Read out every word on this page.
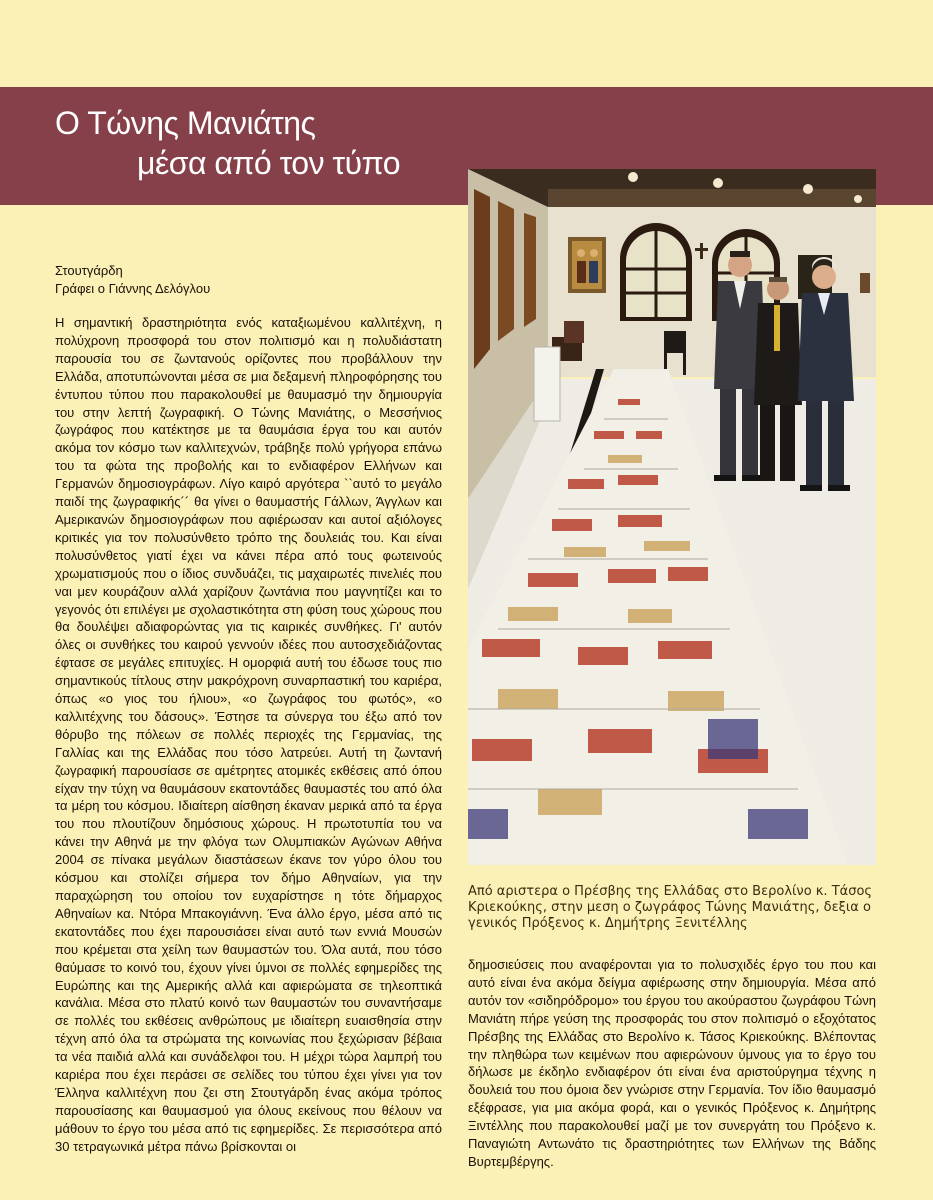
Ο Τώνης Μανιάτης
μέσα από τον τύπο
Στουτγάρδη
Γράφει ο Γιάννης Δελόγλου

Η σημαντική δραστηριότητα ενός καταξιωμένου καλλιτέχνη, η πολύχρονη προσφορά του στον πολιτισμό και η πολυδιάστατη παρουσία του σε ζωντανούς ορίζοντες που προβάλλουν την Ελλάδα, αποτυπώνονται μέσα σε μια δεξαμενή πληροφόρησης του έντυπου τύπου που παρακολουθεί με θαυμασμό την δημιουργία του στην λεπτή ζωγραφική. Ο Τώνης Μανιάτης, ο Μεσσήνιος ζωγράφος που κατέκτησε με τα θαυμάσια έργα του και αυτόν ακόμα τον κόσμο των καλλιτεχνών, τράβηξε πολύ γρήγορα επάνω του τα φώτα της προβολής και το ενδιαφέρον Ελλήνων και Γερμανών δημοσιογράφων. Λίγο καιρό αργότερα ``αυτό το μεγάλο παιδί της ζωγραφικής´´ θα γίνει ο θαυμαστής Γάλλων, Άγγλων και Αμερικανών δημοσιογράφων που αφιέρωσαν και αυτοί αξιόλογες κριτικές για τον πολυσύνθετο τρόπο της δουλειάς του. Και είναι πολυσύνθετος γιατί έχει να κάνει πέρα από τους φωτεινούς χρωματισμούς που ο ίδιος συνδυάζει, τις μαχαιρωτές πινελιές που ναι μεν κουράζουν αλλά χαρίζουν ζωντάνια που μαγνητίζει και το γεγονός ότι επιλέγει με σχολαστικότητα στη φύση τους χώρους που θα δουλέψει αδιαφορώντας για τις καιρικές συνθήκες. Γι' αυτόν όλες οι συνθήκες του καιρού γεννούν ιδέες που αυτοσχεδιάζοντας έφτασε σε μεγάλες επιτυχίες. Η ομορφιά αυτή του έδωσε τους πιο σημαντικούς τίτλους στην μακρόχρονη συναρπαστική του καριέρα, όπως «ο γιος του ήλιου», «ο ζωγράφος του φωτός», «ο καλλιτέχνης του δάσους». Έστησε τα σύνεργα του έξω από τον θόρυβο της πόλεων σε πολλές περιοχές της Γερμανίας, της Γαλλίας και της Ελλάδας που τόσο λατρεύει. Αυτή τη ζωντανή ζωγραφική παρουσίασε σε αμέτρητες ατομικές εκθέσεις από όπου είχαν την τύχη να θαυμάσουν εκατοντάδες θαυμαστές του από όλα τα μέρη του κόσμου. Ιδιαίτερη αίσθηση έκαναν μερικά από τα έργα του που πλουτίζουν δημόσιους χώρους. Η πρωτοτυπία του να κάνει την Αθηνά με την φλόγα των Ολυμπιακών Αγώνων Αθήνα 2004 σε πίνακα μεγάλων διαστάσεων έκανε τον γύρο όλου του κόσμου και στολίζει σήμερα τον δήμο Αθηναίων, για την παραχώρηση του οποίου τον ευχαρίστησε η τότε δήμαρχος Αθηναίων κα. Ντόρα Μπακογιάννη. Ένα άλλο έργο, μέσα από τις εκατοντάδες που έχει παρουσιάσει είναι αυτό των εννιά Μουσών που κρέμεται στα χείλη των θαυμαστών του. Όλα αυτά, που τόσο θαύμασε το κοινό του, έχουν γίνει ύμνοι σε πολλές εφημερίδες της Ευρώπης και της Αμερικής αλλά και αφιερώματα σε τηλεοπτικά κανάλια. Μέσα στο πλατύ κοινό των θαυμαστών του συναντήσαμε σε πολλές του εκθέσεις ανθρώπους με ιδιαίτερη ευαισθησία στην τέχνη από όλα τα στρώματα της κοινωνίας που ξεχώρισαν βέβαια τα νέα παιδιά αλλά και συνάδελφοι του. Η μέχρι τώρα λαμπρή του καριέρα που έχει περάσει σε σελίδες του τύπου έχει γίνει για τον Έλληνα καλλιτέχνη που ζει στη Στουτγάρδη ένας ακόμα τρόπος παρουσίασης και θαυμασμού για όλους εκείνους που θέλουν να μάθουν το έργο του μέσα από τις εφημερίδες. Σε περισσότερα από 30 τετραγωνικά μέτρα πάνω βρίσκονται οι

Από αριστερα ο Πρέσβης της Ελλάδας στο Βερολίνο κ. Τάσος Κριεκούκης, στην μεση ο ζωγράφος Τώνης Μανιάτης, δεξια ο γενικός Πρόξενος κ. Δημήτρης Ξενιτέλλης

δημοσιεύσεις που αναφέρονται για το πολυσχιδές έργο του που και αυτό είναι ένα ακόμα δείγμα αφιέρωσης στην δημιουργία. Μέσα από αυτόν τον «σιδηρόδρομο» του έργου του ακούραστου ζωγράφου Τώνη Μανιάτη πήρε γεύση της προσφοράς του στον πολιτισμό ο εξοχότατος Πρέσβης της Ελλάδας στο Βερολίνο κ. Τάσος Κριεκούκης. Βλέποντας την πληθώρα των κειμένων που αφιερώνουν ύμνους για το έργο του δήλωσε με έκδηλο ενδιαφέρον ότι είναι ένα αριστούργημα τέχνης η δουλειά του που όμοια δεν γνώρισε στην Γερμανία. Τον ίδιο θαυμασμό εξέφρασε, για μια ακόμα φορά, και ο γενικός Πρόξενος κ. Δημήτρης Ξιντέλλης που παρακολουθεί μαζί με τον συνεργάτη του Πρόξενο κ. Παναγιώτη Αντωνάτο τις δραστηριότητες των Ελλήνων της Βάδης Βυρτεμβέργης.
